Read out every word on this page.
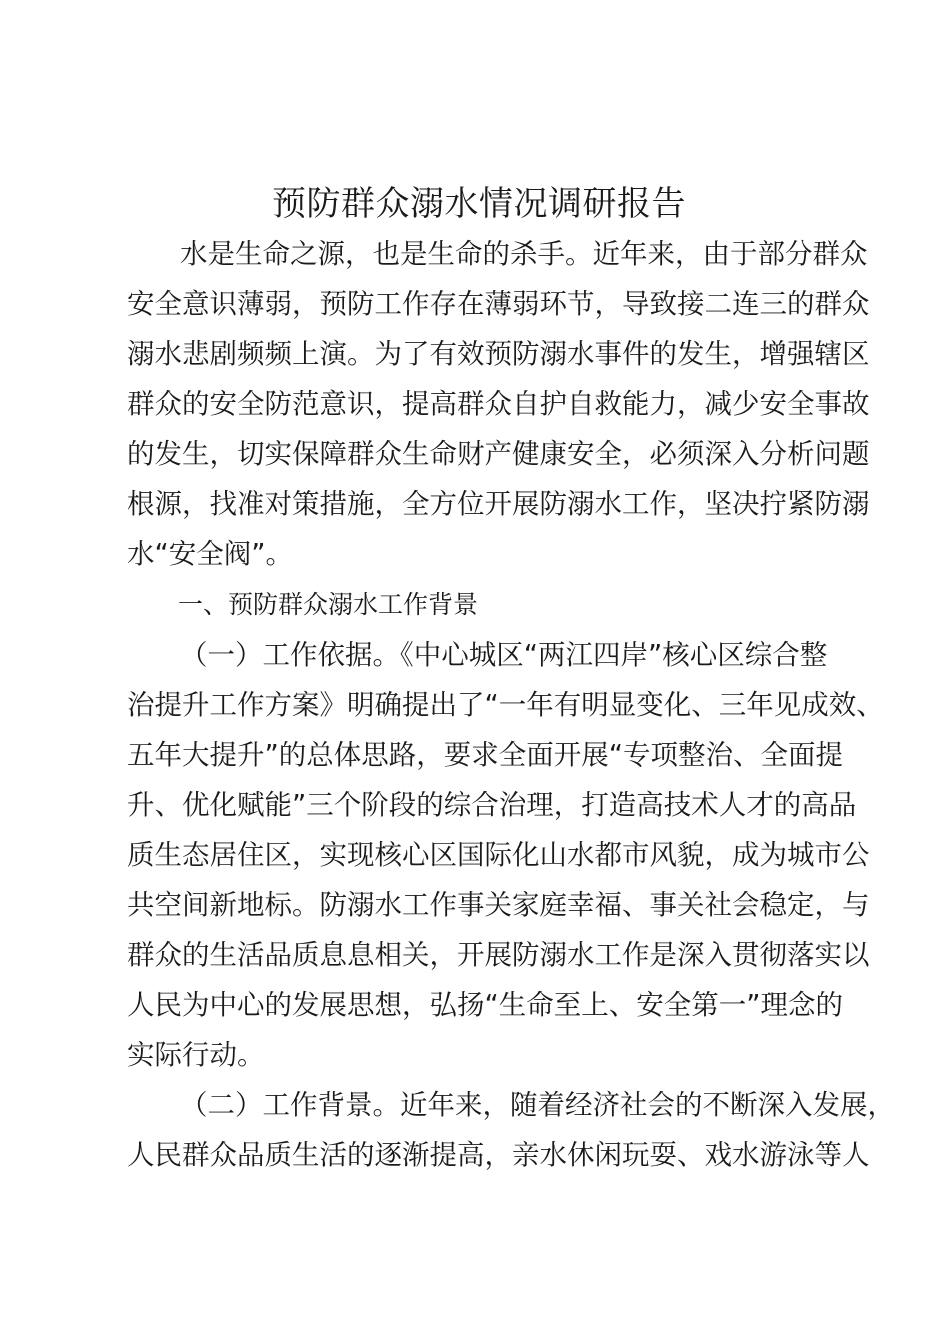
预防群众溺水情况调研报告

水是生命之源，也是生命的杀手。近年来，由于部分群众

安全意识薄弱，预防工作存在薄弱环节，导致接二连三的群众

溺水悲剧频频上演。为了有效预防溺水事件的发生，增强辖区

群众的安全防范意识，提高群众自护自救能力，减少安全事故

的发生，切实保障群众生命财产健康安全，必须深入分析问题

根源，找准对策措施，全方位开展防溺水工作，坚决拧紧防溺

水“安全阀”。

一、预防群众溺水工作背景

（一）工作依据。《中心城区“两江四岸”核心区综合整

治提升工作方案》明确提出了“一年有明显变化、三年见成效、

五年大提升”的总体思路，要求全面开展“专项整治、全面提

升、优化赋能”三个阶段的综合治理，打造高技术人才的高品

质生态居住区，实现核心区国际化山水都市风貌，成为城市公

共空间新地标。防溺水工作事关家庭幸福、事关社会稳定，与

群众的生活品质息息相关，开展防溺水工作是深入贯彻落实以

人民为中心的发展思想，弘扬“生命至上、安全第一”理念的

实际行动。

（二）工作背景。近年来，随着经济社会的不断深入发展，

人民群众品质生活的逐渐提高，亲水休闲玩耍、戏水游泳等人
